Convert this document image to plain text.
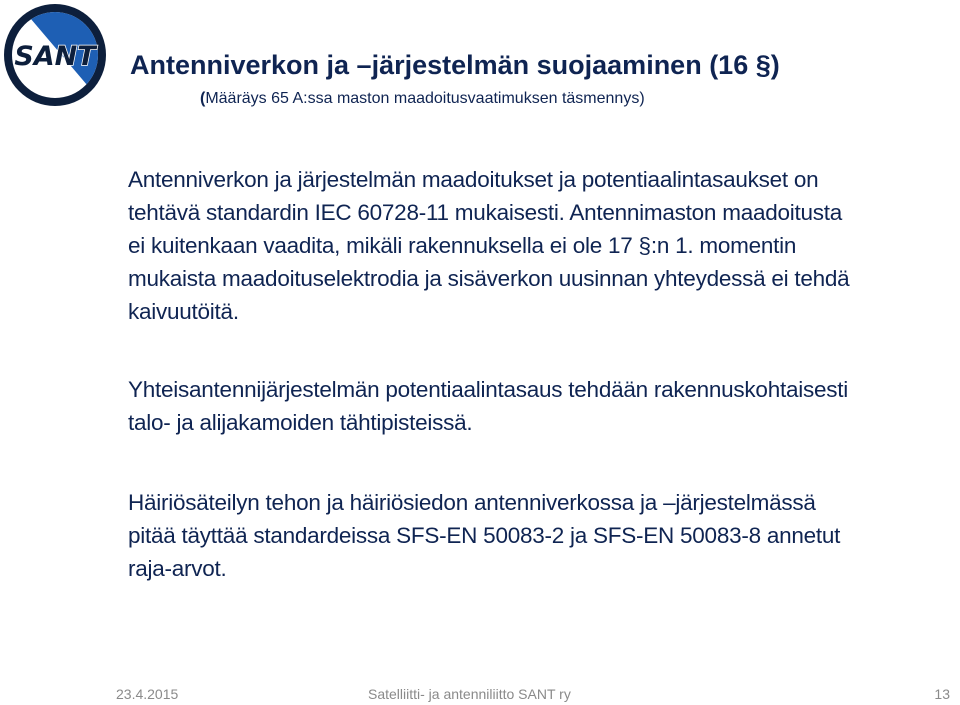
SANT Antenniverkon ja –järjestelmän suojaaminen (16 §)
(Määräys 65 A:ssa maston maadoitusvaatimuksen täsmennys)
Antenniverkon ja järjestelmän maadoitukset ja potentiaalintasaukset on
tehtävä standardin IEC 60728-11 mukaisesti. Antennimaston maadoitusta
ei kuitenkaan vaadita, mikäli rakennuksella ei ole 17 §:n 1. momentin
mukaista maadoituselektrodia ja sisäverkon uusinnan yhteydessä ei tehdä
kaivuutöitä.
Yhteisantennijärjestelmän potentiaalintasaus tehdään rakennuskohtaisesti
talo- ja alijakamoiden tähtipisteissä.
Häiriösäteilyn tehon ja häiriösiedon antenniverkossa ja –järjestelmässä
pitää täyttää standardeissa SFS-EN 50083-2 ja SFS-EN 50083-8 annetut
raja-arvot.
23.4.2015	Satelliitti- ja antenniliitto SANT ry	13
